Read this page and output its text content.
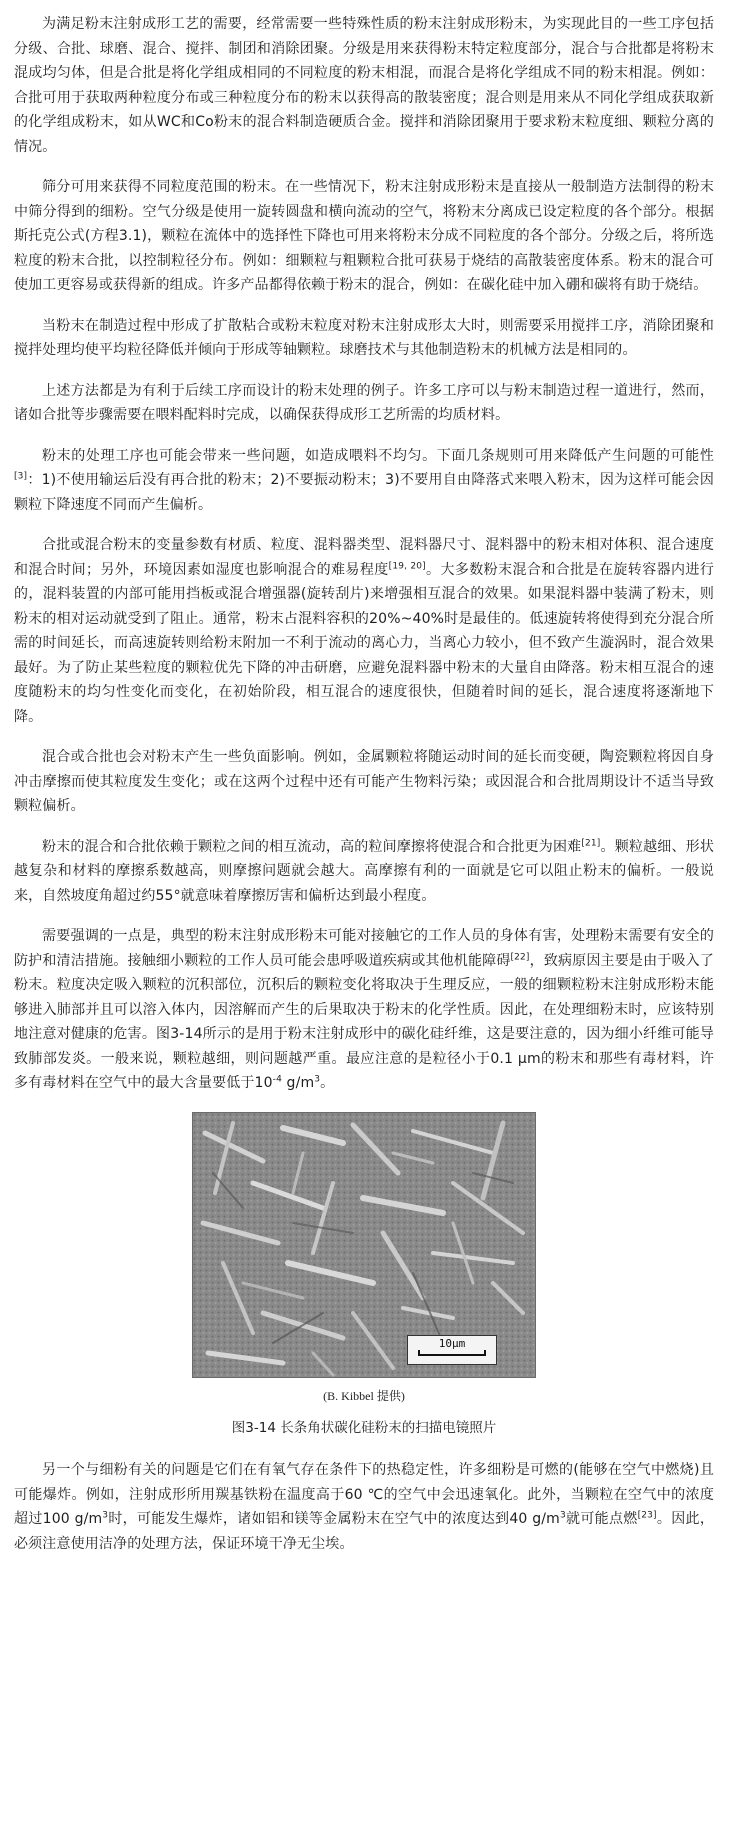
为满足粉末注射成形工艺的需要，经常需要一些特殊性质的粉末注射成形粉末，为实现此目的一些工序包括分级、合批、球磨、混合、搅拌、制团和消除团聚。分级是用来获得粉末特定粒度部分，混合与合批都是将粉末混成均匀体，但是合批是将化学组成相同的不同粒度的粉末相混，而混合是将化学组成不同的粉末相混。例如：合批可用于获取两种粒度分布或三种粒度分布的粉末以获得高的散装密度；混合则是用来从不同化学组成获取新的化学组成粉末，如从WC和Co粉末的混合料制造硬质合金。搅拌和消除团聚用于要求粉末粒度细、颗粒分离的情况。

筛分可用来获得不同粒度范围的粉末。在一些情况下，粉末注射成形粉末是直接从一般制造方法制得的粉末中筛分得到的细粉。空气分级是使用一旋转圆盘和横向流动的空气，将粉末分离成已设定粒度的各个部分。根据斯托克公式(方程3.1)，颗粒在流体中的选择性下降也可用来将粉末分成不同粒度的各个部分。分级之后，将所选粒度的粉末合批，以控制粒径分布。例如：细颗粒与粗颗粒合批可获易于烧结的高散装密度体系。粉末的混合可使加工更容易或获得新的组成。许多产品都得依赖于粉末的混合，例如：在碳化硅中加入硼和碳将有助于烧结。

当粉末在制造过程中形成了扩散粘合或粉末粒度对粉末注射成形太大时，则需要采用搅拌工序，消除团聚和搅拌处理均使平均粒径降低并倾向于形成等轴颗粒。球磨技术与其他制造粉末的机械方法是相同的。

上述方法都是为有利于后续工序而设计的粉末处理的例子。许多工序可以与粉末制造过程一道进行，然而，诸如合批等步骤需要在喂料配料时完成，以确保获得成形工艺所需的均质材料。

粉末的处理工序也可能会带来一些问题，如造成喂料不均匀。下面几条规则可用来降低产生问题的可能性[3]：1)不使用输运后没有再合批的粉末；2)不要振动粉末；3)不要用自由降落式来喂入粉末，因为这样可能会因颗粒下降速度不同而产生偏析。

合批或混合粉末的变量参数有材质、粒度、混料器类型、混料器尺寸、混料器中的粉末相对体积、混合速度和混合时间；另外，环境因素如湿度也影响混合的难易程度[19, 20]。大多数粉末混合和合批是在旋转容器内进行的，混料装置的内部可能用挡板或混合增强器(旋转刮片)来增强相互混合的效果。如果混料器中装满了粉末，则粉末的相对运动就受到了阻止。通常，粉末占混料容积的20%~40%时是最佳的。低速旋转将使得到充分混合所需的时间延长，而高速旋转则给粉末附加一不利于流动的离心力，当离心力较小，但不致产生漩涡时，混合效果最好。为了防止某些粒度的颗粒优先下降的冲击研磨，应避免混料器中粉末的大量自由降落。粉末相互混合的速度随粉末的均匀性变化而变化，在初始阶段，相互混合的速度很快，但随着时间的延长，混合速度将逐渐地下降。

混合或合批也会对粉末产生一些负面影响。例如，金属颗粒将随运动时间的延长而变硬，陶瓷颗粒将因自身冲击摩擦而使其粒度发生变化；或在这两个过程中还有可能产生物料污染；或因混合和合批周期设计不适当导致颗粒偏析。

粉末的混合和合批依赖于颗粒之间的相互流动，高的粒间摩擦将使混合和合批更为困难[21]。颗粒越细、形状越复杂和材料的摩擦系数越高，则摩擦问题就会越大。高摩擦有利的一面就是它可以阻止粉末的偏析。一般说来，自然坡度角超过约55°就意味着摩擦厉害和偏析达到最小程度。

需要强调的一点是，典型的粉末注射成形粉末可能对接触它的工作人员的身体有害，处理粉末需要有安全的防护和清洁措施。接触细小颗粒的工作人员可能会患呼吸道疾病或其他机能障碍[22]，致病原因主要是由于吸入了粉末。粒度决定吸入颗粒的沉积部位，沉积后的颗粒变化将取决于生理反应，一般的细颗粒粉末注射成形粉末能够进入肺部并且可以溶入体内，因溶解而产生的后果取决于粉末的化学性质。因此，在处理细粉末时，应该特别地注意对健康的危害。图3-14所示的是用于粉末注射成形中的碳化硅纤维，这是要注意的，因为细小纤维可能导致肺部发炎。一般来说，颗粒越细，则问题越严重。最应注意的是粒径小于0.1 μm的粉末和那些有毒材料，许多有毒材料在空气中的最大含量要低于$10^{-4}$ $g/m^3$。

10μm
(B. Kibbel 提供)
图3-14 长条角状碳化硅粉末的扫描电镜照片

另一个与细粉有关的问题是它们在有氧气存在条件下的热稳定性，许多细粉是可燃的(能够在空气中燃烧)且可能爆炸。例如，注射成形所用羰基铁粉在温度高于60 ℃的空气中会迅速氧化。此外，当颗粒在空气中的浓度超过100 $g/m^3$时，可能发生爆炸，诸如铝和镁等金属粉末在空气中的浓度达到40 $g/m^3$就可能点燃[23]。因此，必须注意使用洁净的处理方法，保证环境干净无尘埃。
